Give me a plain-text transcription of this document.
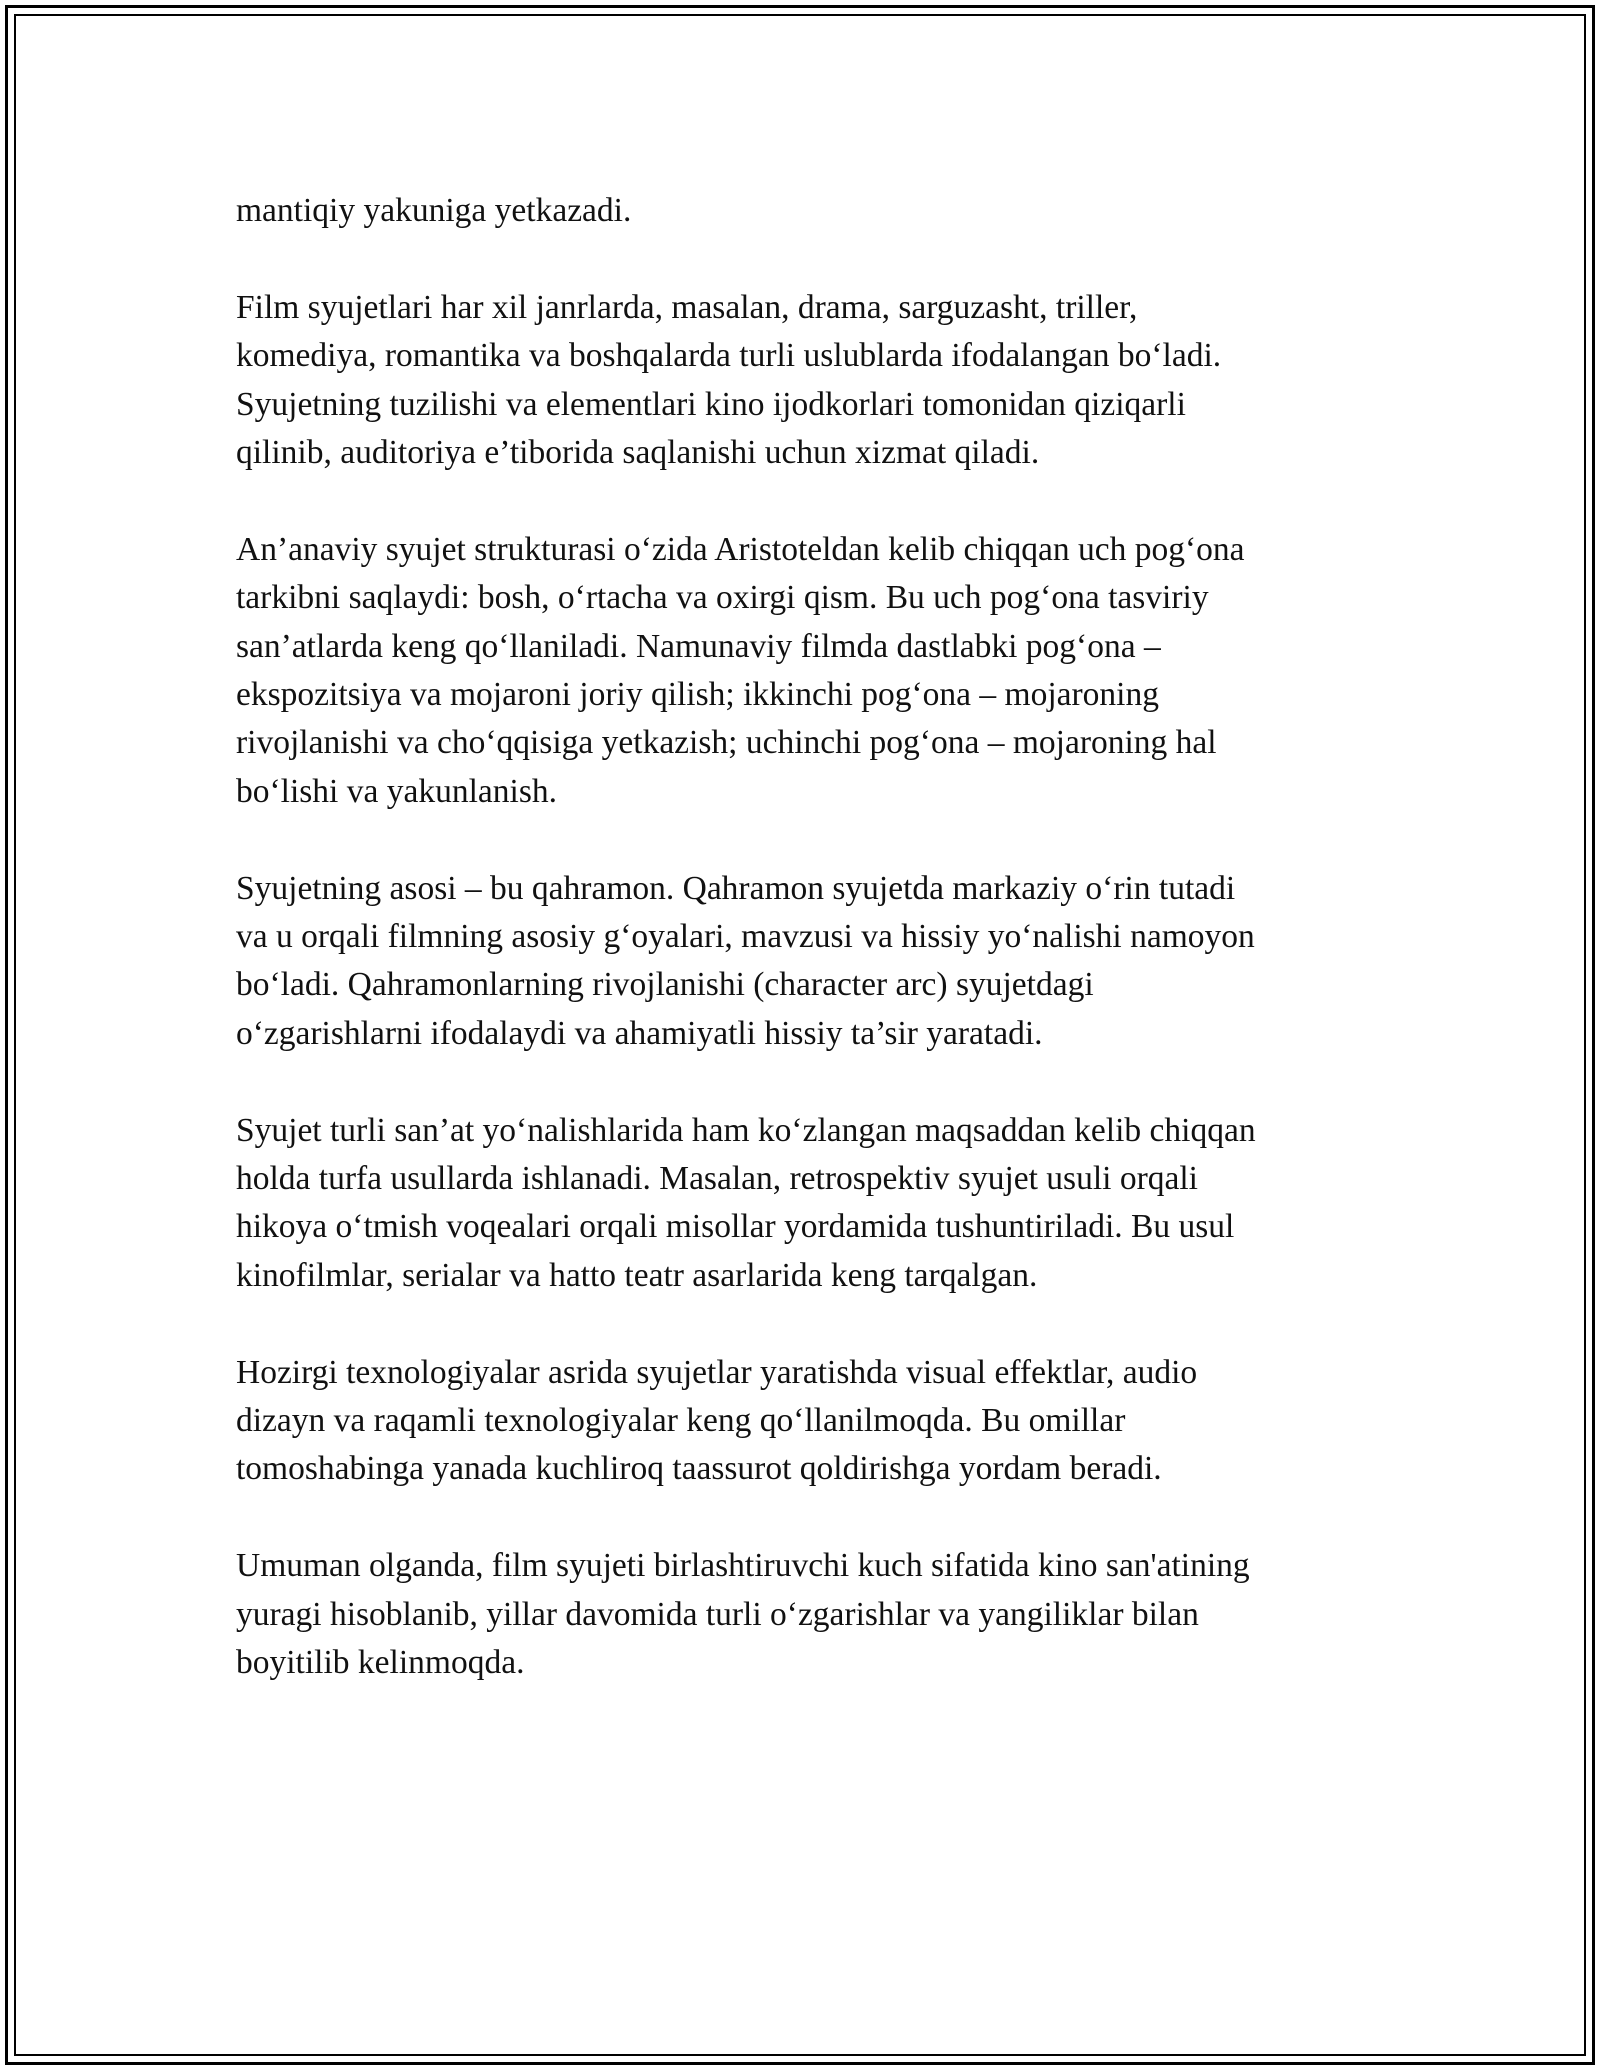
mantiqiy yakuniga yetkazadi.

Film syujetlari har xil janrlarda, masalan, drama, sarguzasht, triller,
komediya, romantika va boshqalarda turli uslublarda ifodalangan bo‘ladi.
Syujetning tuzilishi va elementlari kino ijodkorlari tomonidan qiziqarli
qilinib, auditoriya e’tiborida saqlanishi uchun xizmat qiladi.

An’anaviy syujet strukturasi o‘zida Aristoteldan kelib chiqqan uch pog‘ona
tarkibni saqlaydi: bosh, o‘rtacha va oxirgi qism. Bu uch pog‘ona tasviriy
san’atlarda keng qo‘llaniladi. Namunaviy filmda dastlabki pog‘ona –
ekspozitsiya va mojaroni joriy qilish; ikkinchi pog‘ona – mojaroning
rivojlanishi va cho‘qqisiga yetkazish; uchinchi pog‘ona – mojaroning hal
bo‘lishi va yakunlanish.

Syujetning asosi – bu qahramon. Qahramon syujetda markaziy o‘rin tutadi
va u orqali filmning asosiy g‘oyalari, mavzusi va hissiy yo‘nalishi namoyon
bo‘ladi. Qahramonlarning rivojlanishi (character arc) syujetdagi
o‘zgarishlarni ifodalaydi va ahamiyatli hissiy ta’sir yaratadi.

Syujet turli san’at yo‘nalishlarida ham ko‘zlangan maqsaddan kelib chiqqan
holda turfa usullarda ishlanadi. Masalan, retrospektiv syujet usuli orqali
hikoya o‘tmish voqealari orqali misollar yordamida tushuntiriladi. Bu usul
kinofilmlar, serialar va hatto teatr asarlarida keng tarqalgan.

Hozirgi texnologiyalar asrida syujetlar yaratishda visual effektlar, audio
dizayn va raqamli texnologiyalar keng qo‘llanilmoqda. Bu omillar
tomoshabinga yanada kuchliroq taassurot qoldirishga yordam beradi.

Umuman olganda, film syujeti birlashtiruvchi kuch sifatida kino san'atining
yuragi hisoblanib, yillar davomida turli o‘zgarishlar va yangiliklar bilan
boyitilib kelinmoqda.
